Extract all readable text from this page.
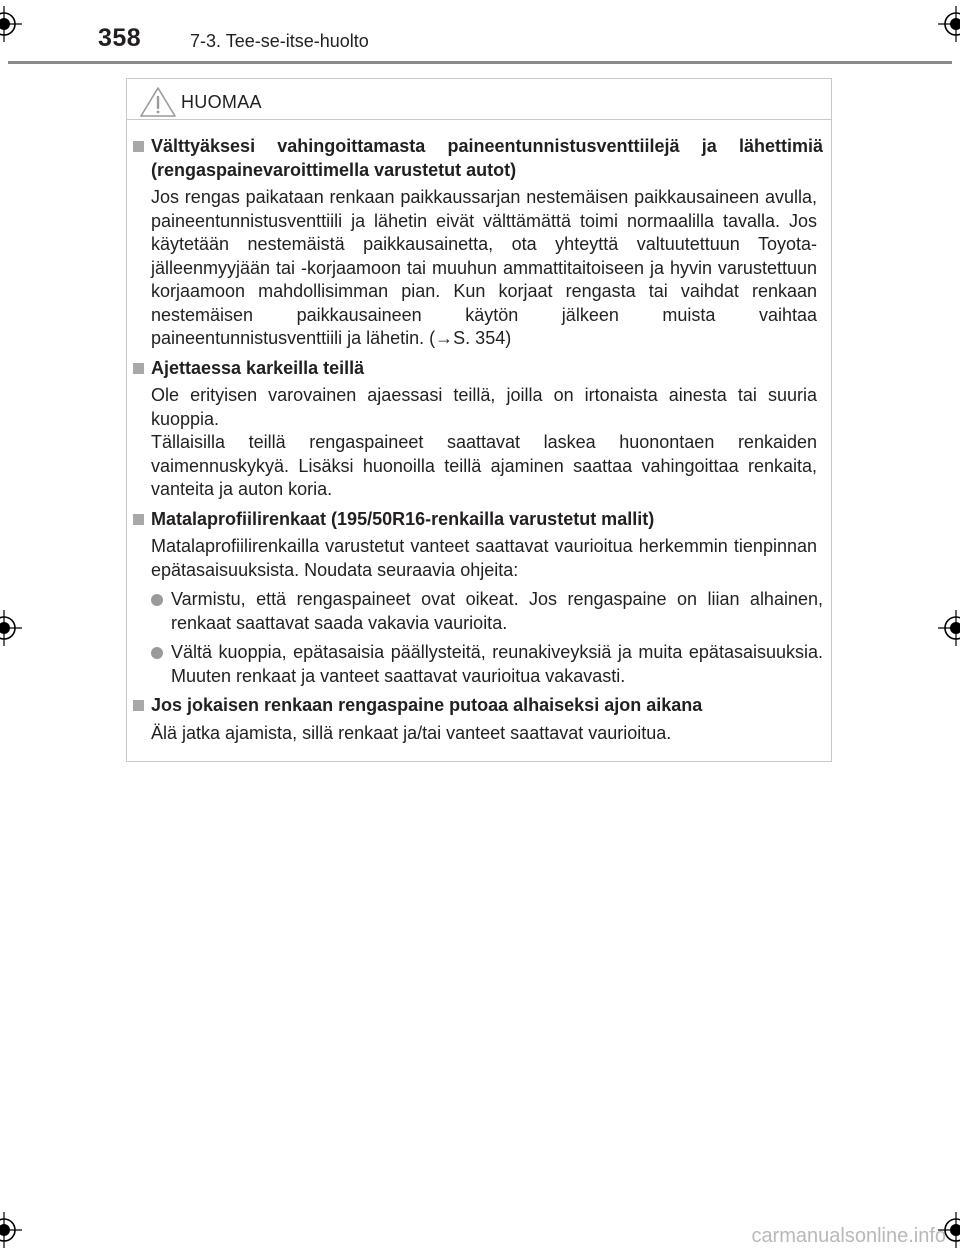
358	7-3. Tee-se-itse-huolto
HUOMAA
Välttyäksesi vahingoittamasta paineentunnistusventtiilejä ja lähettimiä (rengaspainevaroittimella varustetut autot)
Jos rengas paikataan renkaan paikkaussarjan nestemäisen paikkausaineen avulla, paineentunnistusventtiili ja lähetin eivät välttämättä toimi normaalilla tavalla. Jos käytetään nestemäistä paikkausainetta, ota yhteyttä valtuutettuun Toyota-jälleenmyyjään tai -korjaamoon tai muuhun ammattitaitoiseen ja hyvin varustettuun korjaamoon mahdollisimman pian. Kun korjaat rengasta tai vaihdat renkaan nestemäisen paikkausaineen käytön jälkeen muista vaihtaa paineentunnistusventtiili ja lähetin. (→S. 354)
Ajettaessa karkeilla teillä
Ole erityisen varovainen ajaessasi teillä, joilla on irtonaista ainesta tai suuria kuoppia.
Tällaisilla teillä rengaspaineet saattavat laskea huonontaen renkaiden vaimennuskykyä. Lisäksi huonoilla teillä ajaminen saattaa vahingoittaa renkaita, vanteita ja auton koria.
Matalaprofiilirenkaat (195/50R16-renkailla varustetut mallit)
Matalaprofiilirenkailla varustetut vanteet saattavat vaurioitua herkemmin tienpinnan epätasaisuuksista. Noudata seuraavia ohjeita:
Varmistu, että rengaspaineet ovat oikeat. Jos rengaspaine on liian alhainen, renkaat saattavat saada vakavia vaurioita.
Vältä kuoppia, epätasaisia päällysteitä, reunakiveyksiä ja muita epätasaisuuksia. Muuten renkaat ja vanteet saattavat vaurioitua vakavasti.
Jos jokaisen renkaan rengaspaine putoaa alhaiseksi ajon aikana
Älä jatka ajamista, sillä renkaat ja/tai vanteet saattavat vaurioitua.
carmanualsonline.info
